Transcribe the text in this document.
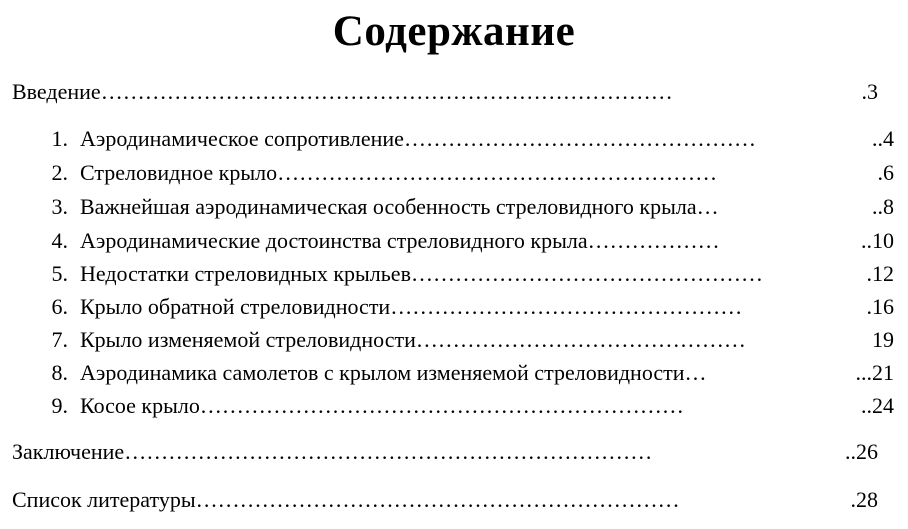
Содержание
Введение……………………………………………………………………	.3
1. Аэродинамическое сопротивление…………………………………………	..4
2. Стреловидное крыло……………………………………………………	.6
3. Важнейшая аэродинамическая особенность стреловидного крыла…	..8
4. Аэродинамические достоинства стреловидного крыла………………	..10
5. Недостатки стреловидных крыльев…………………………………………	.12
6. Крыло обратной стреловидности…………………………………………	.16
7. Крыло изменяемой стреловидности………………………………………	19
8. Аэродинамика самолетов с крылом изменяемой стреловидности…	...21
9. Косое крыло…………………………………………………………	..24
Заключение………………………………………………………………	..26
Список литературы…………………………………………………………	.28
